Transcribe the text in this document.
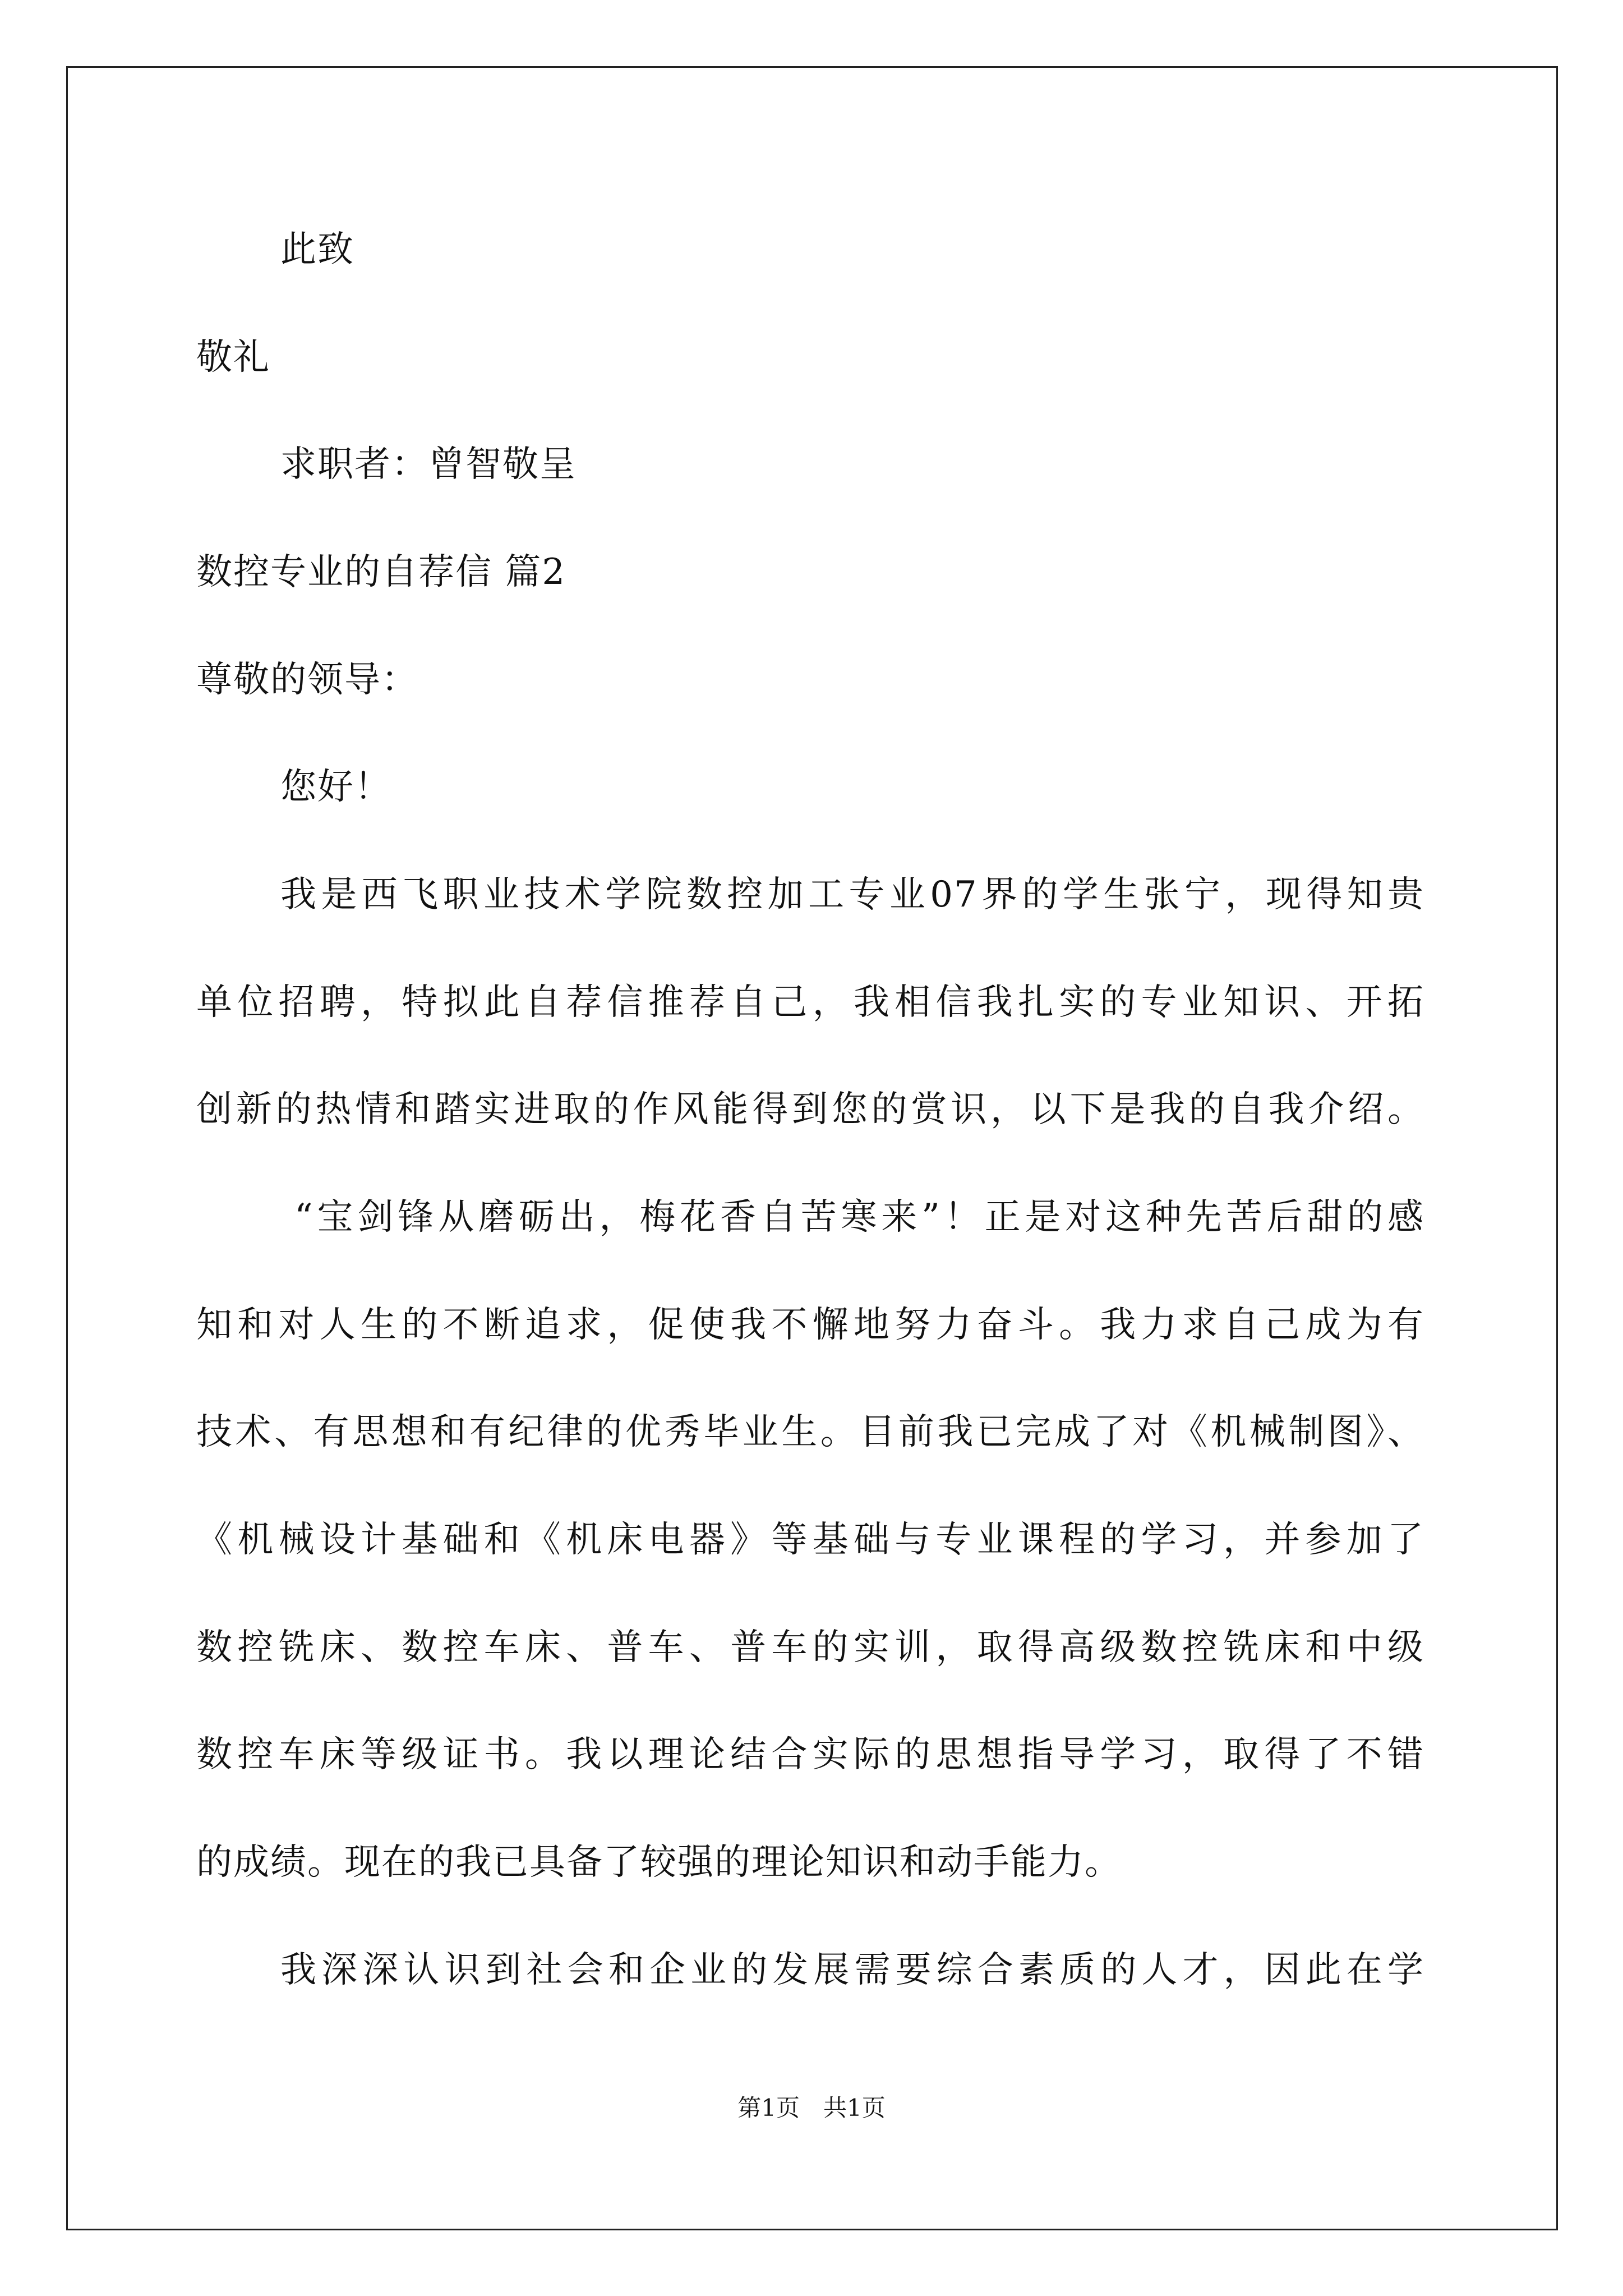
此致

敬礼

求职者：曾智敬呈

数控专业的自荐信 篇2

尊敬的领导：

您好！

我是西飞职业技术学院数控加工专业07界的学生张宁，现得知贵

单位招聘，特拟此自荐信推荐自己，我相信我扎实的专业知识、开拓

创新的热情和踏实进取的作风能得到您的赏识，以下是我的自我介绍。

“宝剑锋从磨砺出，梅花香自苦寒来”！正是对这种先苦后甜的感

知和对人生的不断追求，促使我不懈地努力奋斗。我力求自己成为有

技术、有思想和有纪律的优秀毕业生。目前我已完成了对《机械制图》、

《机械设计基础和《机床电器》等基础与专业课程的学习，并参加了

数控铣床、数控车床、普车、普车的实训，取得高级数控铣床和中级

数控车床等级证书。我以理论结合实际的思想指导学习，取得了不错

的成绩。现在的我已具备了较强的理论知识和动手能力。

我深深认识到社会和企业的发展需要综合素质的人才，因此在学

第1页　共1页
